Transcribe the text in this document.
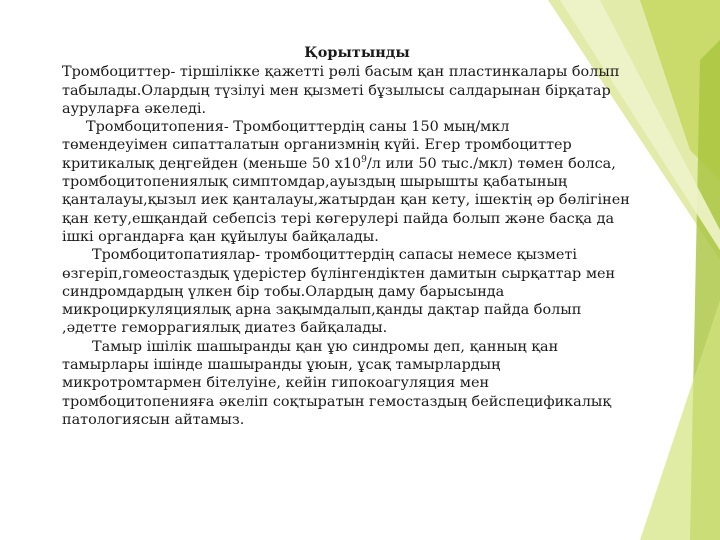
Қорытынды
Тромбоциттер- тіршілікке қажетті рөлі басым қан пластинкалары болып
табылады.Олардың түзілуі мен қызметі бұзылысы салдарынан бірқатар
ауруларға әкеледі.
Тромбоцитопения- Тромбоциттердің саны 150 мың/мкл
төмендеуімен сипатталатын организмнің күйі. Егер тромбоциттер
критикалық деңгейден (меньше 50 $х10^9/л$ или 50 тыс./мкл) төмен болса,
тромбоцитопениялық симптомдар,ауыздың шырышты қабатының
қанталауы,қызыл иек қанталауы,жатырдан қан кету, ішектің әр бөлігінен
қан кету,ешқандай себепсіз тері көгерулері пайда болып және басқа да
ішкі органдарға қан құйылуы байқалады.
Тромбоцитопатиялар- тромбоциттердің сапасы немесе қызметі
өзгеріп,гомеостаздық үдерістер бүлінгендіктен дамитын сырқаттар мен
синдромдардың үлкен бір тобы.Олардың даму барысында
микроциркуляциялық арна зақымдалып,қанды дақтар пайда болып
,әдетте геморрагиялық диатез байқалады.
Тамыр ішілік шашыранды қан ұю синдромы деп, қанның қан
тамырлары ішінде шашыранды ұюын, ұсақ тамырлардың
микротромтармен бітелуіне, кейін гипокоагуляция мен
тромбоцитопенияға әкеліп соқтыратын гемостаздың бейспецификалық
патологиясын айтамыз.
